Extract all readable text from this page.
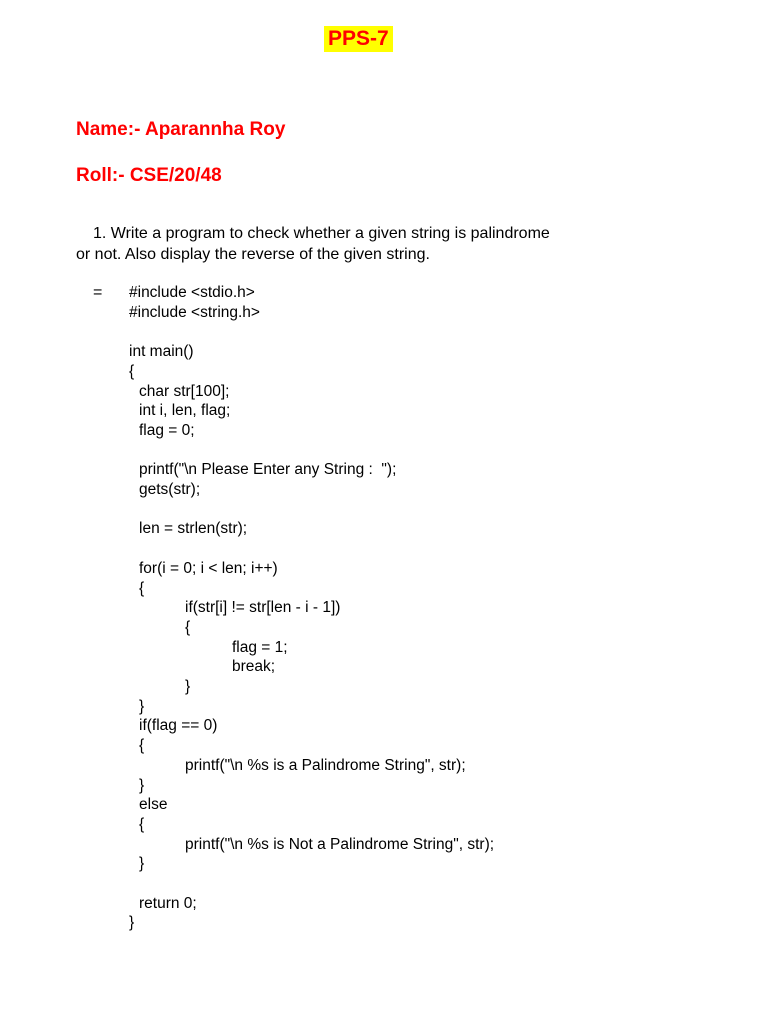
PPS-7
Name:- Aparannha Roy
Roll:- CSE/20/48
1. Write a program to check whether a given string is palindrome
or not. Also display the reverse of the given string.
= #include <stdio.h>
#include <string.h>
int main()
{
char str[100];
int i, len, flag;
flag = 0;
printf("\n Please Enter any String :  ");
gets(str);
len = strlen(str);
for(i = 0; i < len; i++)
{
if(str[i] != str[len - i - 1])
{
flag = 1;
break;
}
}
if(flag == 0)
{
printf("\n %s is a Palindrome String", str);
}
else
{
printf("\n %s is Not a Palindrome String", str);
}
return 0;
}
